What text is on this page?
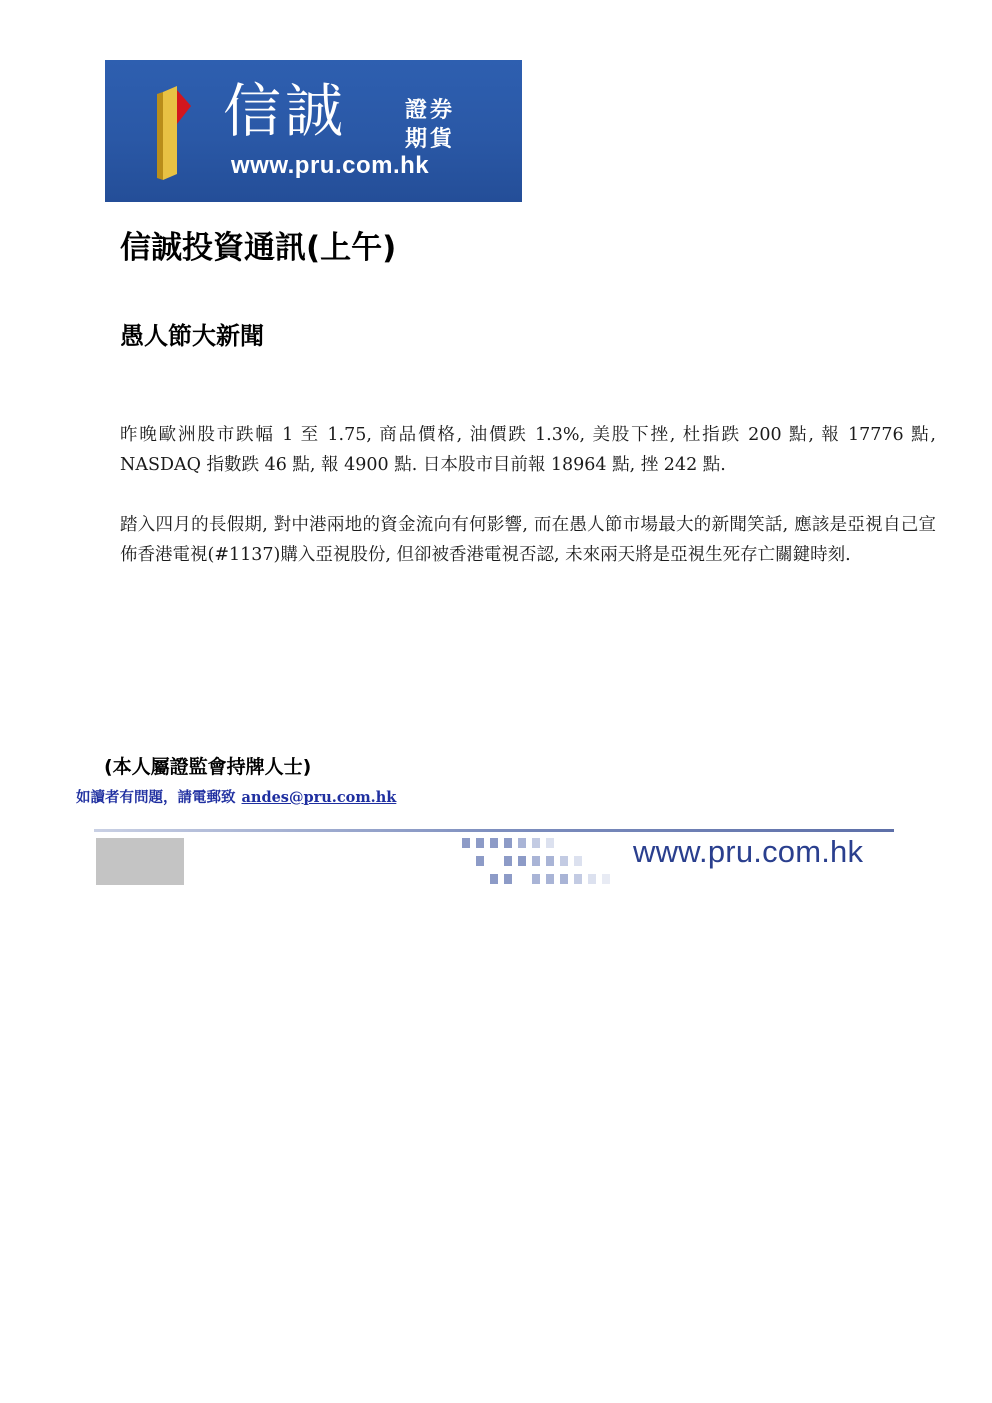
信誠	證券
期貨
www.pru.com.hk
信誠投資通訊(上午)
愚人節大新聞

昨晚歐洲股市跌幅 1 至 1.75, 商品價格, 油價跌 1.3%, 美股下挫, 杜指跌 200 點, 報 17776 點, NASDAQ 指數跌 46 點, 報 4900 點. 日本股市目前報 18964 點, 挫 242 點.

踏入四月的長假期, 對中港兩地的資金流向有何影響, 而在愚人節市場最大的新聞笑話, 應該是亞視自己宣佈香港電視(#1137)購入亞視股份, 但卻被香港電視否認, 未來兩天將是亞視生死存亡關鍵時刻.

(本人屬證監會持牌人士)
如讀者有問題，請電郵致 andes@pru.com.hk
www.pru.com.hk
